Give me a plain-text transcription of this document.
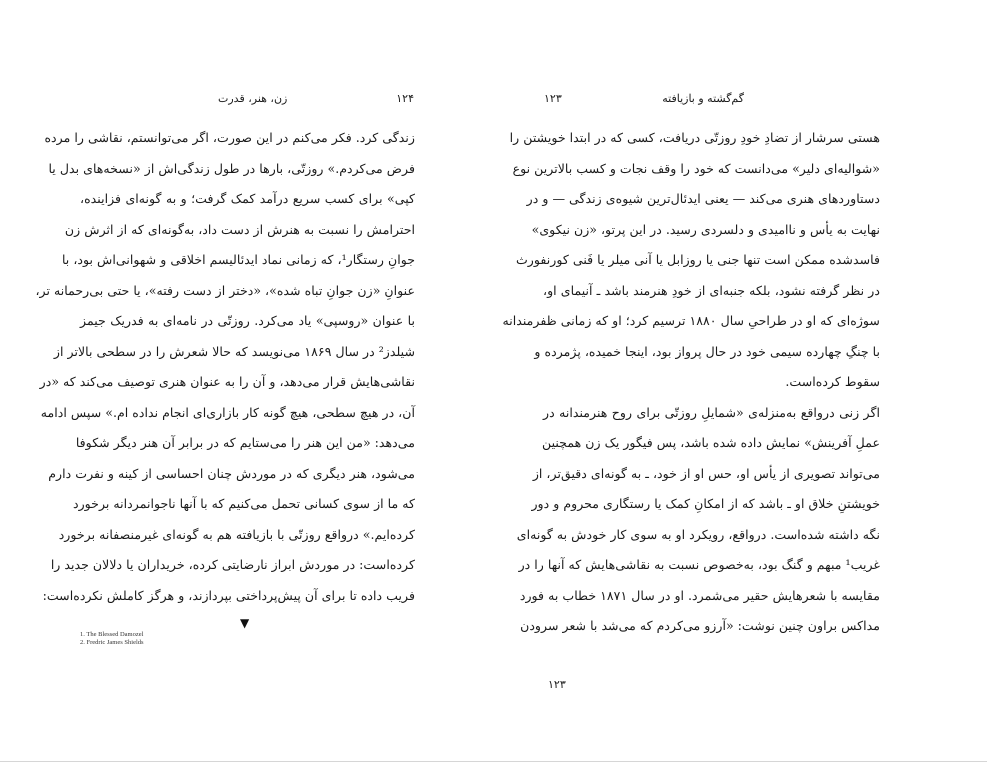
۱۲۴
زن، هنر، قدرت
زندگی کرد. فکر می‌کنم در این صورت، اگر می‌توانستم، نقاشی را مرده
فرض می‌کردم.» روزتّی، بارها در طول زندگی‌اش از «نسخه‌های بدل یا
کپی» برای کسب سریع درآمد کمک گرفت؛ و به گونه‌ای فزاینده،
احترامش را نسبت به هنرش از دست داد، به‌گونه‌ای که از اثرش زن
جوانِ رستگار¹، که زمانی نماد ایدئالیسم اخلاقی و شهوانی‌اش بود، با
عنوانِ «زن جوانِ تباه شده»، «دختر از دست رفته»، یا حتی بی‌رحمانه تر،
با عنوان «روسپی» یاد می‌کرد. روزتّی در نامه‌ای به فدریک جیمز
شیلدز² در سال ۱۸۶۹ می‌نویسد که حالا شعرش را در سطحی بالاتر از
نقاشی‌هایش قرار می‌دهد، و آن را به عنوان هنری توصیف می‌کند که «در
آن، در هیچ سطحی، هیچ گونه کار بازاری‌ای انجام نداده ام.» سپس ادامه
می‌دهد: «من این هنر را می‌ستایم که در برابر آن هنر دیگر شکوفا
می‌شود، هنر دیگری که در موردش چنان احساسی از کینه و نفرت دارم
که ما از سوی کسانی تحمل می‌کنیم که با آنها ناجوانمردانه برخورد
کرده‌ایم.» درواقع روزتّی با بازیافته هم به گونه‌ای غیرمنصفانه برخورد
کرده‌است: در موردش ابراز نارضایتی کرده، خریداران یا دلالان جدید را
فریب داده تا برای آن پیش‌پرداختی بپردازند، و هرگز کاملش نکرده‌است:
▼
1. The Blessed Damozel
2. Fredric James Shields
گم‌گشته و بازیافته
۱۲۳
هستی سرشار از تضادِ خودِ روزتّی دریافت، کسی که در ابتدا خویشتن را
«شوالیه‌ای دلیر» می‌دانست که خود را وقف نجات و کسب بالاترین نوع
دستاوردهای هنری می‌کند — یعنی ایدئال‌ترین شیوه‌ی زندگی — و در
نهایت به یأس و ناامیدی و دلسردی رسید. در این پرتو، «زن نیکوی»
فاسدشده ممکن است تنها جنی یا روزابل یا آنی میلر یا فَنی کورنفورث
در نظر گرفته نشود، بلکه جنبه‌ای از خودِ هنرمند باشد ـ آنیمای او،
سوژه‌ای که او در طراحیِ سال ۱۸۸۰ ترسیم کرد؛ او که زمانی ظفرمندانه
با چنگِ چهارده سیمی خود در حال پرواز بود، اینجا خمیده، پژمرده و
سقوط کرده‌است.
اگر زنی درواقع به‌منزله‌ی «شمایلِ روزتّی برای روح هنرمندانه در
عملِ آفرینش» نمایش داده شده باشد، پس فیگور یک زن همچنین
می‌تواند تصویری از یأس او، حس او از خود، ـ به گونه‌ای دقیق‌تر، از
خویشتنِ خلاق او ـ باشد که از امکانِ کمک یا رستگاری محروم و دور
نگه داشته شده‌است. درواقع، رویکرد او به سوی کار خودش به گونه‌ای
غریب¹ مبهم و گنگ بود، به‌خصوص نسبت به نقاشی‌هایش که آنها را در
مقایسه با شعرهایش حقیر می‌شمرد. او در سال ۱۸۷۱ خطاب به فورد
مداکس براون چنین نوشت: «آرزو می‌کردم که می‌شد با شعر سرودن
۱۲۳
